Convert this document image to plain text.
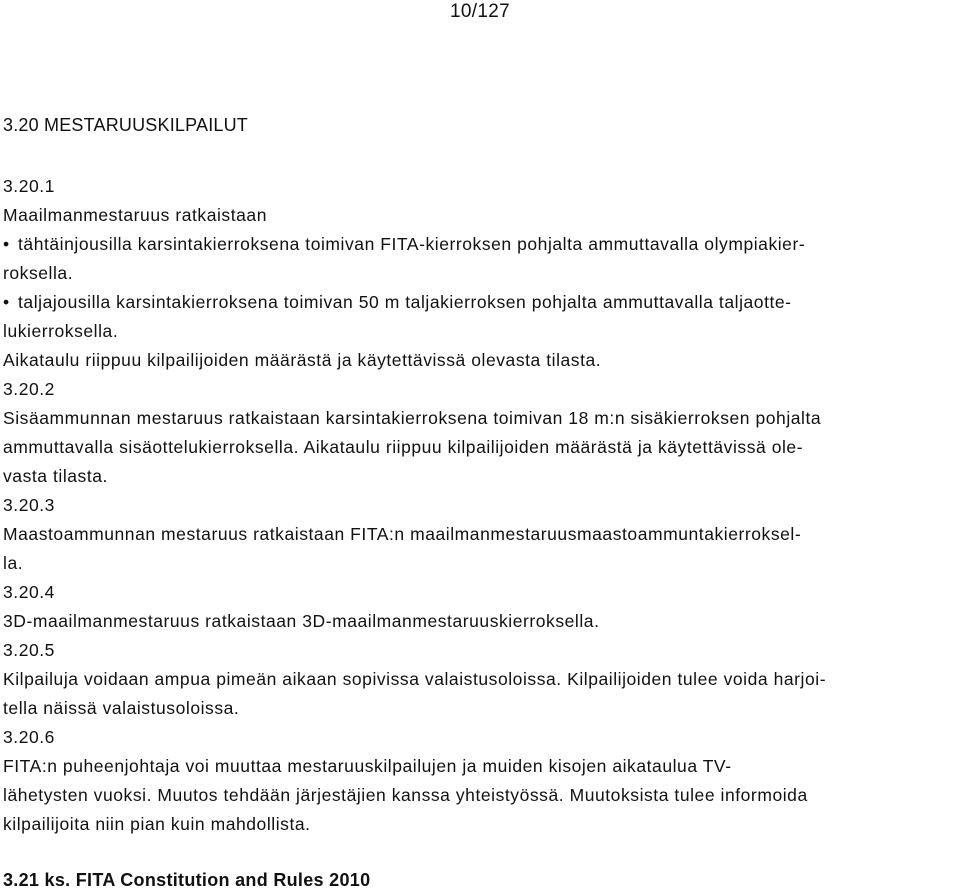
10/127
3.20 MESTARUUSKILPAILUT
3.20.1
Maailmanmestaruus ratkaistaan
• tähtäinjousilla karsintakierroksena toimivan FITA-kierroksen pohjalta ammuttavalla olympiakier-
roksella.
• taljajousilla karsintakierroksena toimivan 50 m taljakierroksen pohjalta ammuttavalla taljaotte-
lukierroksella.
Aikataulu riippuu kilpailijoiden määrästä ja käytettävissä olevasta tilasta.
3.20.2
Sisäammunnan mestaruus ratkaistaan karsintakierroksena toimivan 18 m:n sisäkierroksen pohjalta
ammuttavalla sisäottelukierroksella. Aikataulu riippuu kilpailijoiden määrästä ja käytettävissä ole-
vasta tilasta.
3.20.3
Maastoammunnan mestaruus ratkaistaan FITA:n maailmanmestaruusmaastoammuntakierroksel-
la.
3.20.4
3D-maailmanmestaruus ratkaistaan 3D-maailmanmestaruuskierroksella.
3.20.5
Kilpailuja voidaan ampua pimeän aikaan sopivissa valaistusoloissa. Kilpailijoiden tulee voida harjoi-
tella näissä valaistusoloissa.
3.20.6
FITA:n puheenjohtaja voi muuttaa mestaruuskilpailujen ja muiden kisojen aikataulua TV-
lähetysten vuoksi. Muutos tehdään järjestäjien kanssa yhteistyössä. Muutoksista tulee informoida
kilpailijoita niin pian kuin mahdollista.
3.21 ks. FITA Constitution and Rules 2010
